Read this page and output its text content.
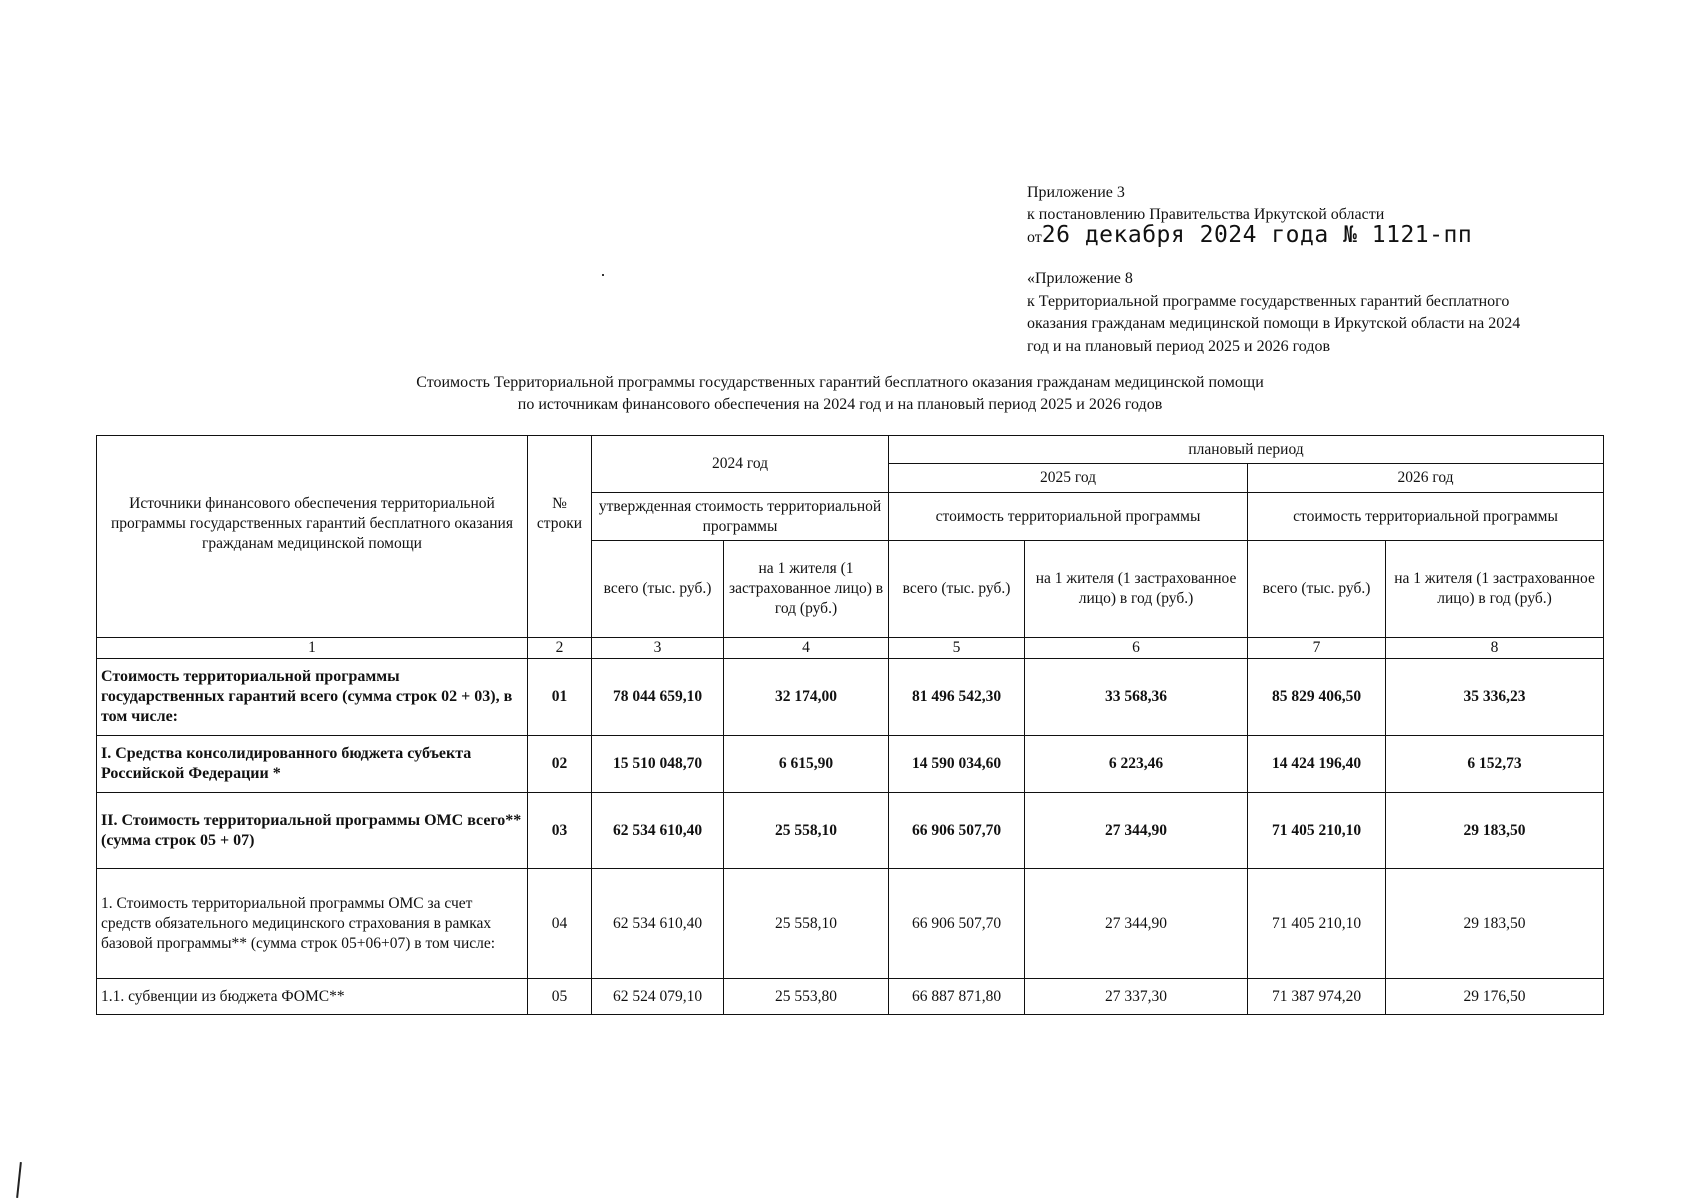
Приложение 3
к постановлению Правительства Иркутской области
от26 декабря 2024 года № 1121-пп
«Приложение 8
к Территориальной программе государственных гарантий бесплатного
оказания гражданам медицинской помощи в Иркутской области на 2024
год и на плановый период 2025 и 2026 годов
Стоимость Территориальной программы государственных гарантий бесплатного оказания гражданам медицинской помощи
по источникам финансового обеспечения на 2024 год и на плановый период 2025 и 2026 годов
Источники финансового обеспечения территориальной программы государственных гарантий бесплатного оказания гражданам медицинской помощи	№ строки	2024 год		плановый период			
				2025 год		2026 год	
		утвержденная стоимость территориальной программы		стоимость территориальной программы		стоимость территориальной программы	
		всего (тыс. руб.)	на 1 жителя (1 застрахованное лицо) в год (руб.)	всего (тыс. руб.)	на 1 жителя (1 застрахованное лицо) в год (руб.)	всего (тыс. руб.)	на 1 жителя (1 застрахованное лицо) в год (руб.)
1	2	3	4	5	6	7	8
Стоимость территориальной программы государственных гарантий всего (сумма строк 02 + 03), в том числе:	01	78 044 659,10	32 174,00	81 496 542,30	33 568,36	85 829 406,50	35 336,23
I. Средства консолидированного бюджета субъекта Российской Федерации *	02	15 510 048,70	6 615,90	14 590 034,60	6 223,46	14 424 196,40	6 152,73
II. Стоимость территориальной программы ОМС всего** (сумма строк 05 + 07)	03	62 534 610,40	25 558,10	66 906 507,70	27 344,90	71 405 210,10	29 183,50
1. Стоимость территориальной программы ОМС за счет средств обязательного медицинского страхования в рамках базовой программы** (сумма строк 05+06+07) в том числе:	04	62 534 610,40	25 558,10	66 906 507,70	27 344,90	71 405 210,10	29 183,50
1.1. субвенции из бюджета ФОМС**	05	62 524 079,10	25 553,80	66 887 871,80	27 337,30	71 387 974,20	29 176,50
